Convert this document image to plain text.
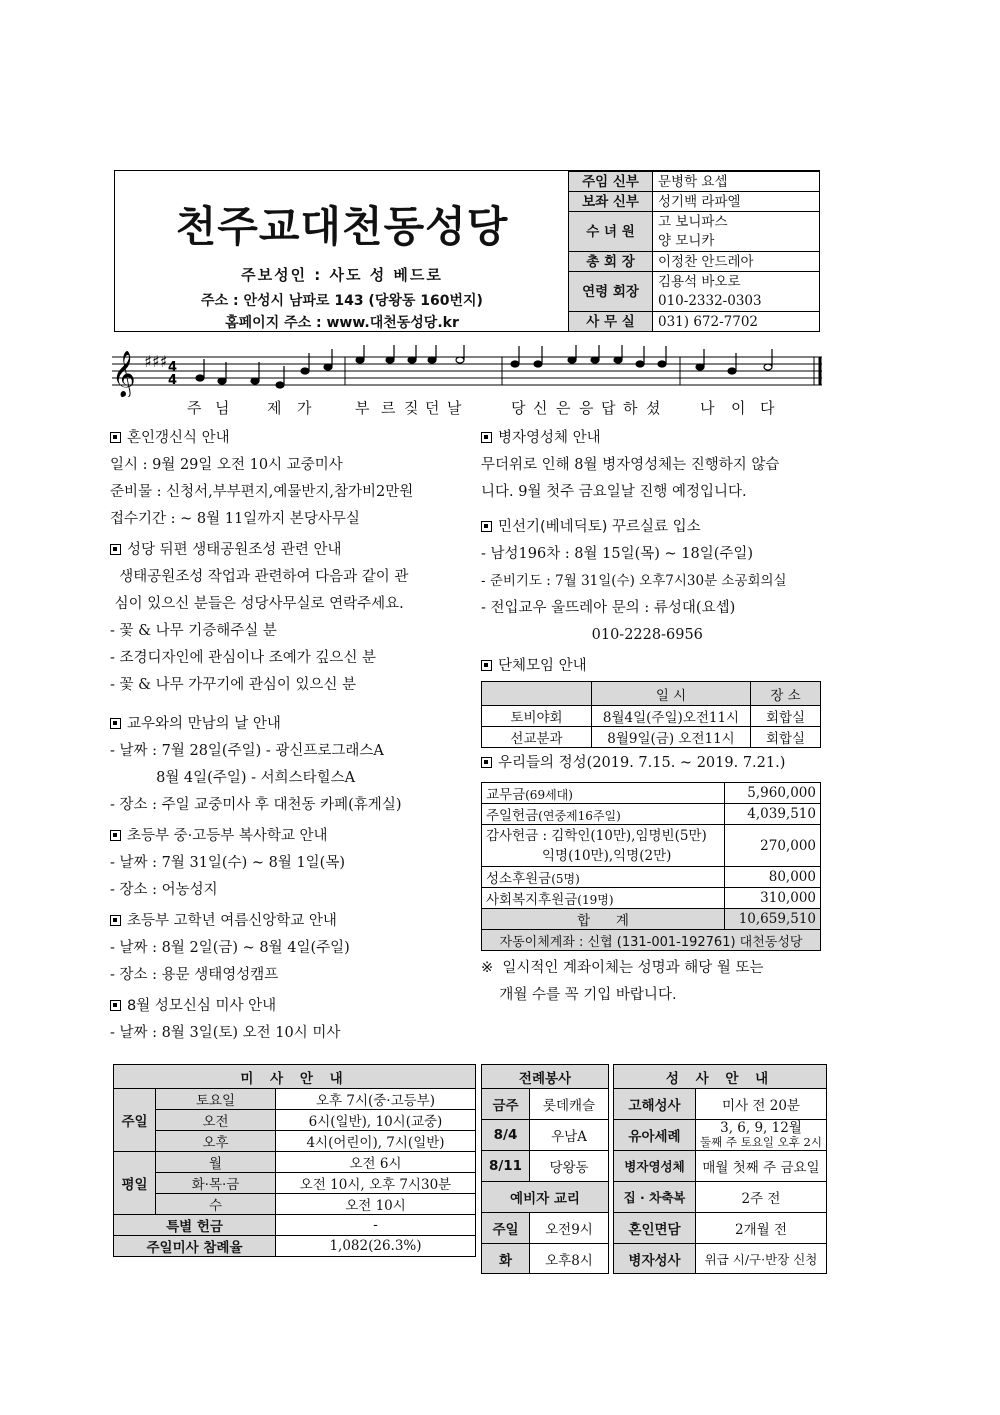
천주교대천동성당
주보성인 : 사도 성 베드로
주소 : 안성시 남파로 143 (당왕동 160번지)
홈페이지 주소 : www.대천동성당.kr
주임 신부	문병학 요셉
보좌 신부	성기백 라파엘
수 녀 원	고 보니파스
	양 모니카
총 회 장	이정찬 안드레아
연령 회장	김용석 바오로
	010-2332-0303
사 무 실	031) 672-7702
𝄞 ♯♯♯ 4
4
주 님	제 가	부 르 짖 던 날	당 신 은 응 답 하 셨	나 이 다
혼인갱신식 안내
일시 : 9월 29일 오전 10시 교중미사
준비물 : 신청서,부부편지,예물반지,참가비2만원
접수기간 : ~ 8월 11일까지 본당사무실
성당 뒤편 생태공원조성 관련 안내
생태공원조성 작업과 관련하여 다음과 같이 관
심이 있으신 분들은 성당사무실로 연락주세요.
- 꽃 & 나무 기증해주실 분
- 조경디자인에 관심이나 조예가 깊으신 분
- 꽃 & 나무 가꾸기에 관심이 있으신 분
교우와의 만남의 날 안내
- 날짜 : 7월 28일(주일) - 광신프로그래스A
8월 4일(주일) - 서희스타힐스A
- 장소 : 주일 교중미사 후 대천동 카페(휴게실)
초등부 중·고등부 복사학교 안내
- 날짜 : 7월 31일(수) ~ 8월 1일(목)
- 장소 : 어농성지
초등부 고학년 여름신앙학교 안내
- 날짜 : 8월 2일(금) ~ 8월 4일(주일)
- 장소 : 용문 생태영성캠프
8월 성모신심 미사 안내
- 날짜 : 8월 3일(토) 오전 10시 미사
병자영성체 안내
무더위로 인해 8월 병자영성체는 진행하지 않습
니다. 9월 첫주 금요일날 진행 예정입니다.
민선기(베네딕토) 꾸르실료 입소
- 남성196차 : 8월 15일(목) ~ 18일(주일)
- 준비기도 : 7월 31일(수) 오후7시30분 소공회의실
- 전입교우 울뜨레아 문의 : 류성대(요셉)
010-2228-6956
단체모임 안내
	일 시	장 소
토비야회	8월4일(주일)오전11시	회합실
선교분과	8월9일(금) 오전11시	회합실
우리들의 정성(2019. 7.15. ~ 2019. 7.21.)
교무금(69세대)	5,960,000
주일헌금(연중제16주일)	4,039,510

감사헌금 : 김학인(10만),임명빈(5만)
익명(10만),익명(2만)	270,000
성소후원금(5명)	80,000
사회복지후원금(19명)	310,000
합      계	10,659,510
자동이체계좌 : 신협 (131-001-192761) 대천동성당	
※  일시적인 계좌이체는 성명과 해당 월 또는
개월 수를 꼭 기입 바랍니다.
미 사 안 내		
주일	토요일	오후 7시(중·고등부)
	오전	6시(일반), 10시(교중)
	오후	4시(어린이), 7시(일반)
평일	월	오전 6시
	화·목·금	오전 10시, 오후 7시30분
	수	오전 10시
특별 헌금		-
주일미사 참례율		1,082(26.3%)
전례봉사	
금주	롯데캐슬
8/4	우남A
8/11	당왕동
예비자 교리	
주일	오전9시
화	오후8시
성 사 안 내	
고해성사	미사 전 20분
유아세례	3, 6, 9, 12월
둘째 주 토요일 오후 2시

병자영성체	매월 첫째 주 금요일
집 · 차축복	2주 전
혼인면담	2개월 전
병자성사	위급 시/구·반장 신청
